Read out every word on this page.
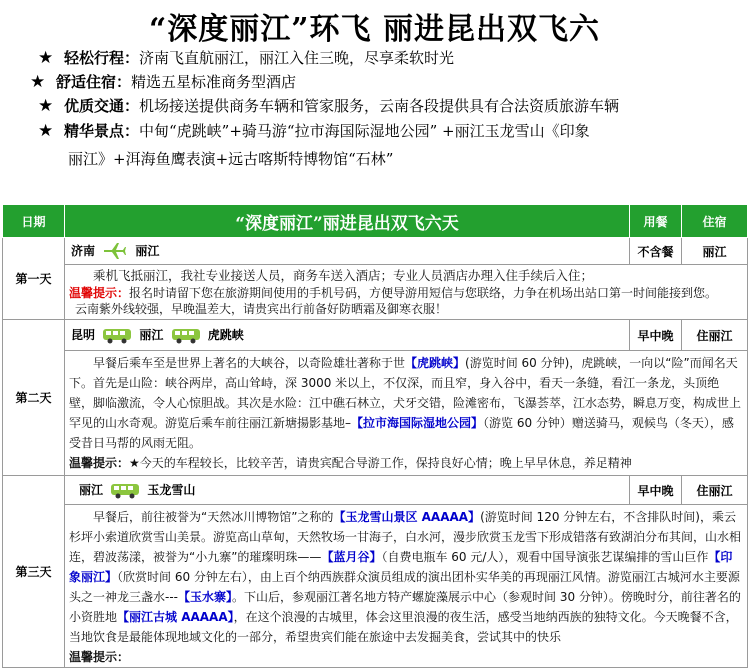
“深度丽江”环飞 丽进昆出双飞六
★ 轻松行程：济南飞直航丽江，丽江入住三晚，尽享柔软时光
★ 舒适住宿：精选五星标准商务型酒店
★ 优质交通：机场接送提供商务车辆和管家服务，云南各段提供具有合法资质旅游车辆
★ 精华景点：中甸“虎跳峡”+骑马游“拉市海国际湿地公园” +丽江玉龙雪山《印象
丽江》+洱海鱼鹰表演+远古喀斯特博物馆“石林”
日期	“深度丽江”丽进昆出双飞六天	用餐	住宿
第一天	济南 丽江	不含餐	丽江

	乘机飞抵丽江，我社专业接送人员，商务车送入酒店；专业人员酒店办理入住手续后入住；
温馨提示：报名时请留下您在旅游期间使用的手机号码，方便导游用短信与您联络，力争在机场出站口第一时间能接到您。
云南紫外线较强，早晚温差大，请贵宾出行前备好防晒霜及御寒衣服！		

第二天	昆明 丽江 虎跳峡	早中晚	住丽江
	早餐后乘车至是世界上著名的大峡谷，以奇险雄壮著称于世【虎跳峡】(游览时间 60 分钟)，虎跳峡，一向以“险”而闻名天下。首先是山险：峡谷两岸，高山耸峙，深 3000 米以上，不仅深，而且窄，身入谷中，看天一条缝，看江一条龙，头顶绝壁，脚临激流，令人心惊胆战。其次是水险：江中礁石林立，犬牙交错，险滩密布，飞瀑荟萃，江水态势，瞬息万变，构成世上罕见的山水奇观。游览后乘车前往丽江新塘揚影基地–【拉市海国际湿地公园】（游览 60 分钟）赠送骑马，观候鸟（冬天），感受昔日马帮的风雨无阻。
温馨提示：★今天的车程较长，比较辛苦，请贵宾配合导游工作，保持良好心情；晚上早早休息，养足精神		

第三天	丽江 玉龙雪山	早中晚	住丽江
	早餐后，前往被誉为“天然冰川博物馆”之称的【玉龙雪山景区 AAAAA】(游览时间 120 分钟左右，不含排队时间)，乘云杉坪小索道欣赏雪山美景。游览高山草甸，天然牧场一甘海子，白水河，漫步欣赏玉龙雪下形成错落有致湖泊分布其间，山水相连，碧波荡漾，被誉为“小九寨”的璀璨明珠——【蓝月谷】（自费电瓶车 60 元/人），观看中国导演张艺谋编排的雪山巨作【印象丽江】（欣赏时间 60 分钟左右），由上百个纳西族群众演员组成的演出团朴实华美的再现丽江风情。游览丽江古城河水主要源头之一神龙三盏水---【玉水寨】。下山后，参观丽江著名地方特产螺旋藻展示中心（参观时间 30 分钟）。傍晚时分，前往著名的小资胜地【丽江古城 AAAAA】，在这个浪漫的古城里，体会这里浪漫的夜生活，感受当地纳西族的独特文化。今天晚餐不含，当地饮食是最能体现地域文化的一部分，希望贵宾们能在旅途中去发掘美食，尝试其中的快乐
温馨提示：		
